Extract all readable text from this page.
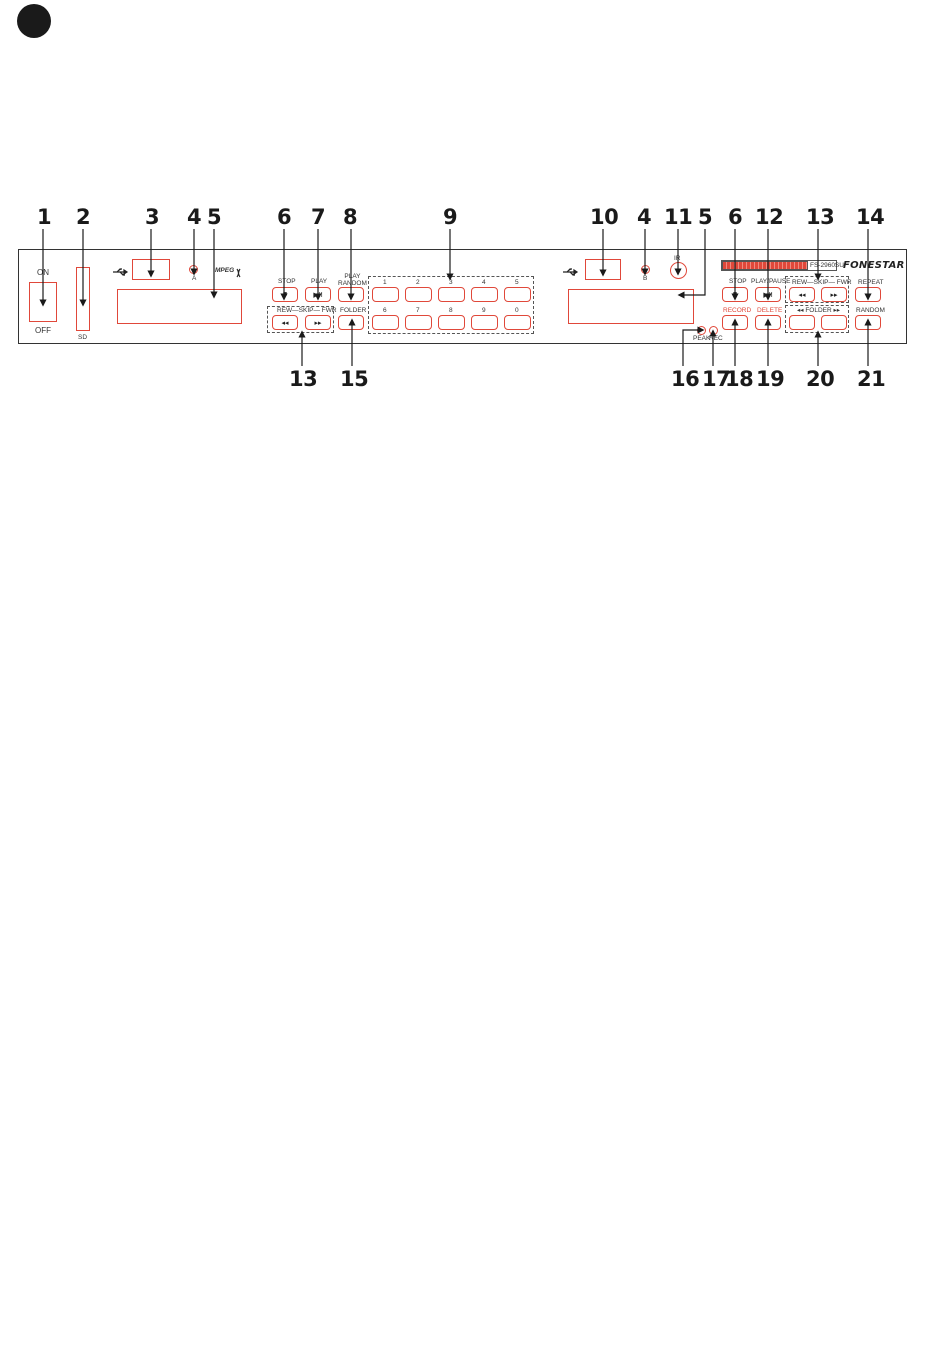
1 2	3 4 5	6 7 8	9	10 4 11 5 6 12 13 14
13 15	16 17
18 19 20 21
ON
OFF
SD
A
MPEG
STOP
■
PLAY
▶II
PLAY
RANDOM
REW—SKIP— FWR
◂◂	▸▸
FOLDER
1	2	3	4	5
6	7	8	9	0
B
IR
PEAK
REC
FS-2960SU FONESTAR
STOP
■
PLAY/PAUSE
▶II
RECORD DELETE
REW—SKIP— FWR
◂◂	▸▸
◂◂ FOLDER ▸▸
REPEAT
RANDOM
